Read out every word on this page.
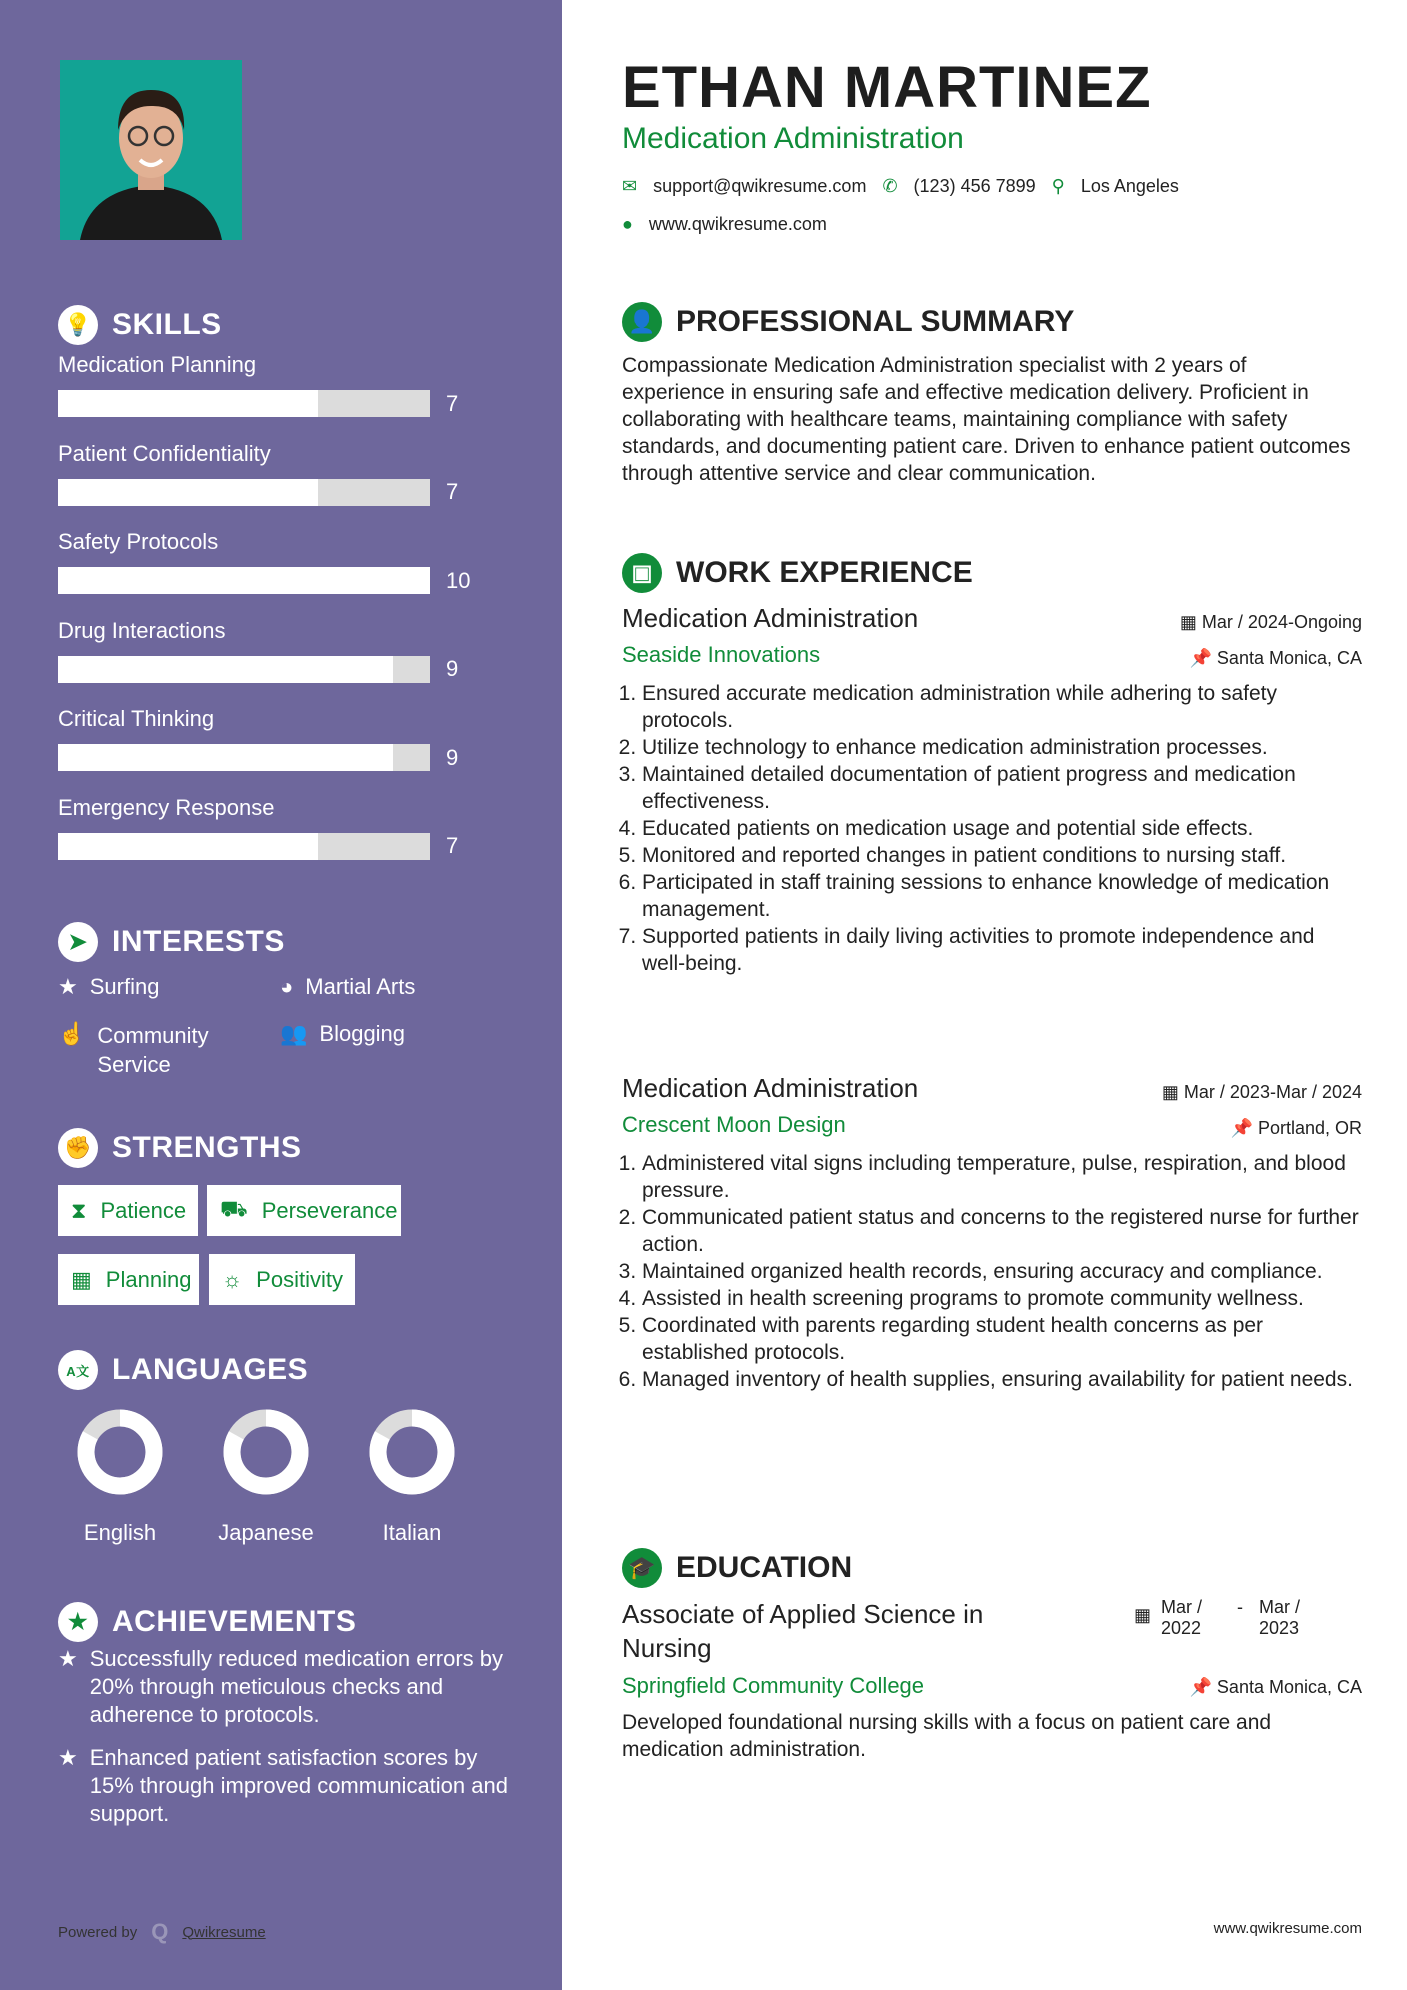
💡 SKILLS
Medication Planning
7
Patient Confidentiality
7
Safety Protocols
10
Drug Interactions
9
Critical Thinking
9
Emergency Response
7
➤ INTERESTS
★ Surfing	◕ Martial Arts
☝ Community Service
👥 Blogging
✊ STRENGTHS
⧗ Patience ⛟ Perseverance
▦ Planning ☼ Positivity
A文 LANGUAGES
English	Japanese	Italian
★ ACHIEVEMENTS
★ Successfully reduced medication errors by 20% through meticulous checks and adherence to protocols.
★ Enhanced patient satisfaction scores by 15% through improved communication and support.
Powered by Q Qwikresume
ETHAN MARTINEZ
Medication Administration
✉ support@qwikresume.com ✆ (123) 456 7899 ⚲ Los Angeles
● www.qwikresume.com
👤 PROFESSIONAL SUMMARY
Compassionate Medication Administration specialist with 2 years of experience in ensuring safe and effective medication delivery. Proficient in collaborating with healthcare teams, maintaining compliance with safety standards, and documenting patient care. Driven to enhance patient outcomes through attentive service and clear communication.
▣ WORK EXPERIENCE
Medication Administration	▦ Mar / 2024-Ongoing
Seaside Innovations	📌 Santa Monica, CA
1. Ensured accurate medication administration while adhering to safety protocols.
2. Utilize technology to enhance medication administration processes.
3. Maintained detailed documentation of patient progress and medication effectiveness.
4. Educated patients on medication usage and potential side effects.
5. Monitored and reported changes in patient conditions to nursing staff.
6. Participated in staff training sessions to enhance knowledge of medication management.
7. Supported patients in daily living activities to promote independence and well-being.
Medication Administration	▦ Mar / 2023-Mar / 2024
Crescent Moon Design	📌 Portland, OR
1. Administered vital signs including temperature, pulse, respiration, and blood pressure.
2. Communicated patient status and concerns to the registered nurse for further action.
3. Maintained organized health records, ensuring accuracy and compliance.
4. Assisted in health screening programs to promote community wellness.
5. Coordinated with parents regarding student health concerns as per established protocols.
6. Managed inventory of health supplies, ensuring availability for patient needs.
🎓 EDUCATION
Associate of Applied Science in Nursing
▦ Mar / 2022
- Mar / 2023
Springfield Community College	📌 Santa Monica, CA
Developed foundational nursing skills with a focus on patient care and medication administration.
www.qwikresume.com
